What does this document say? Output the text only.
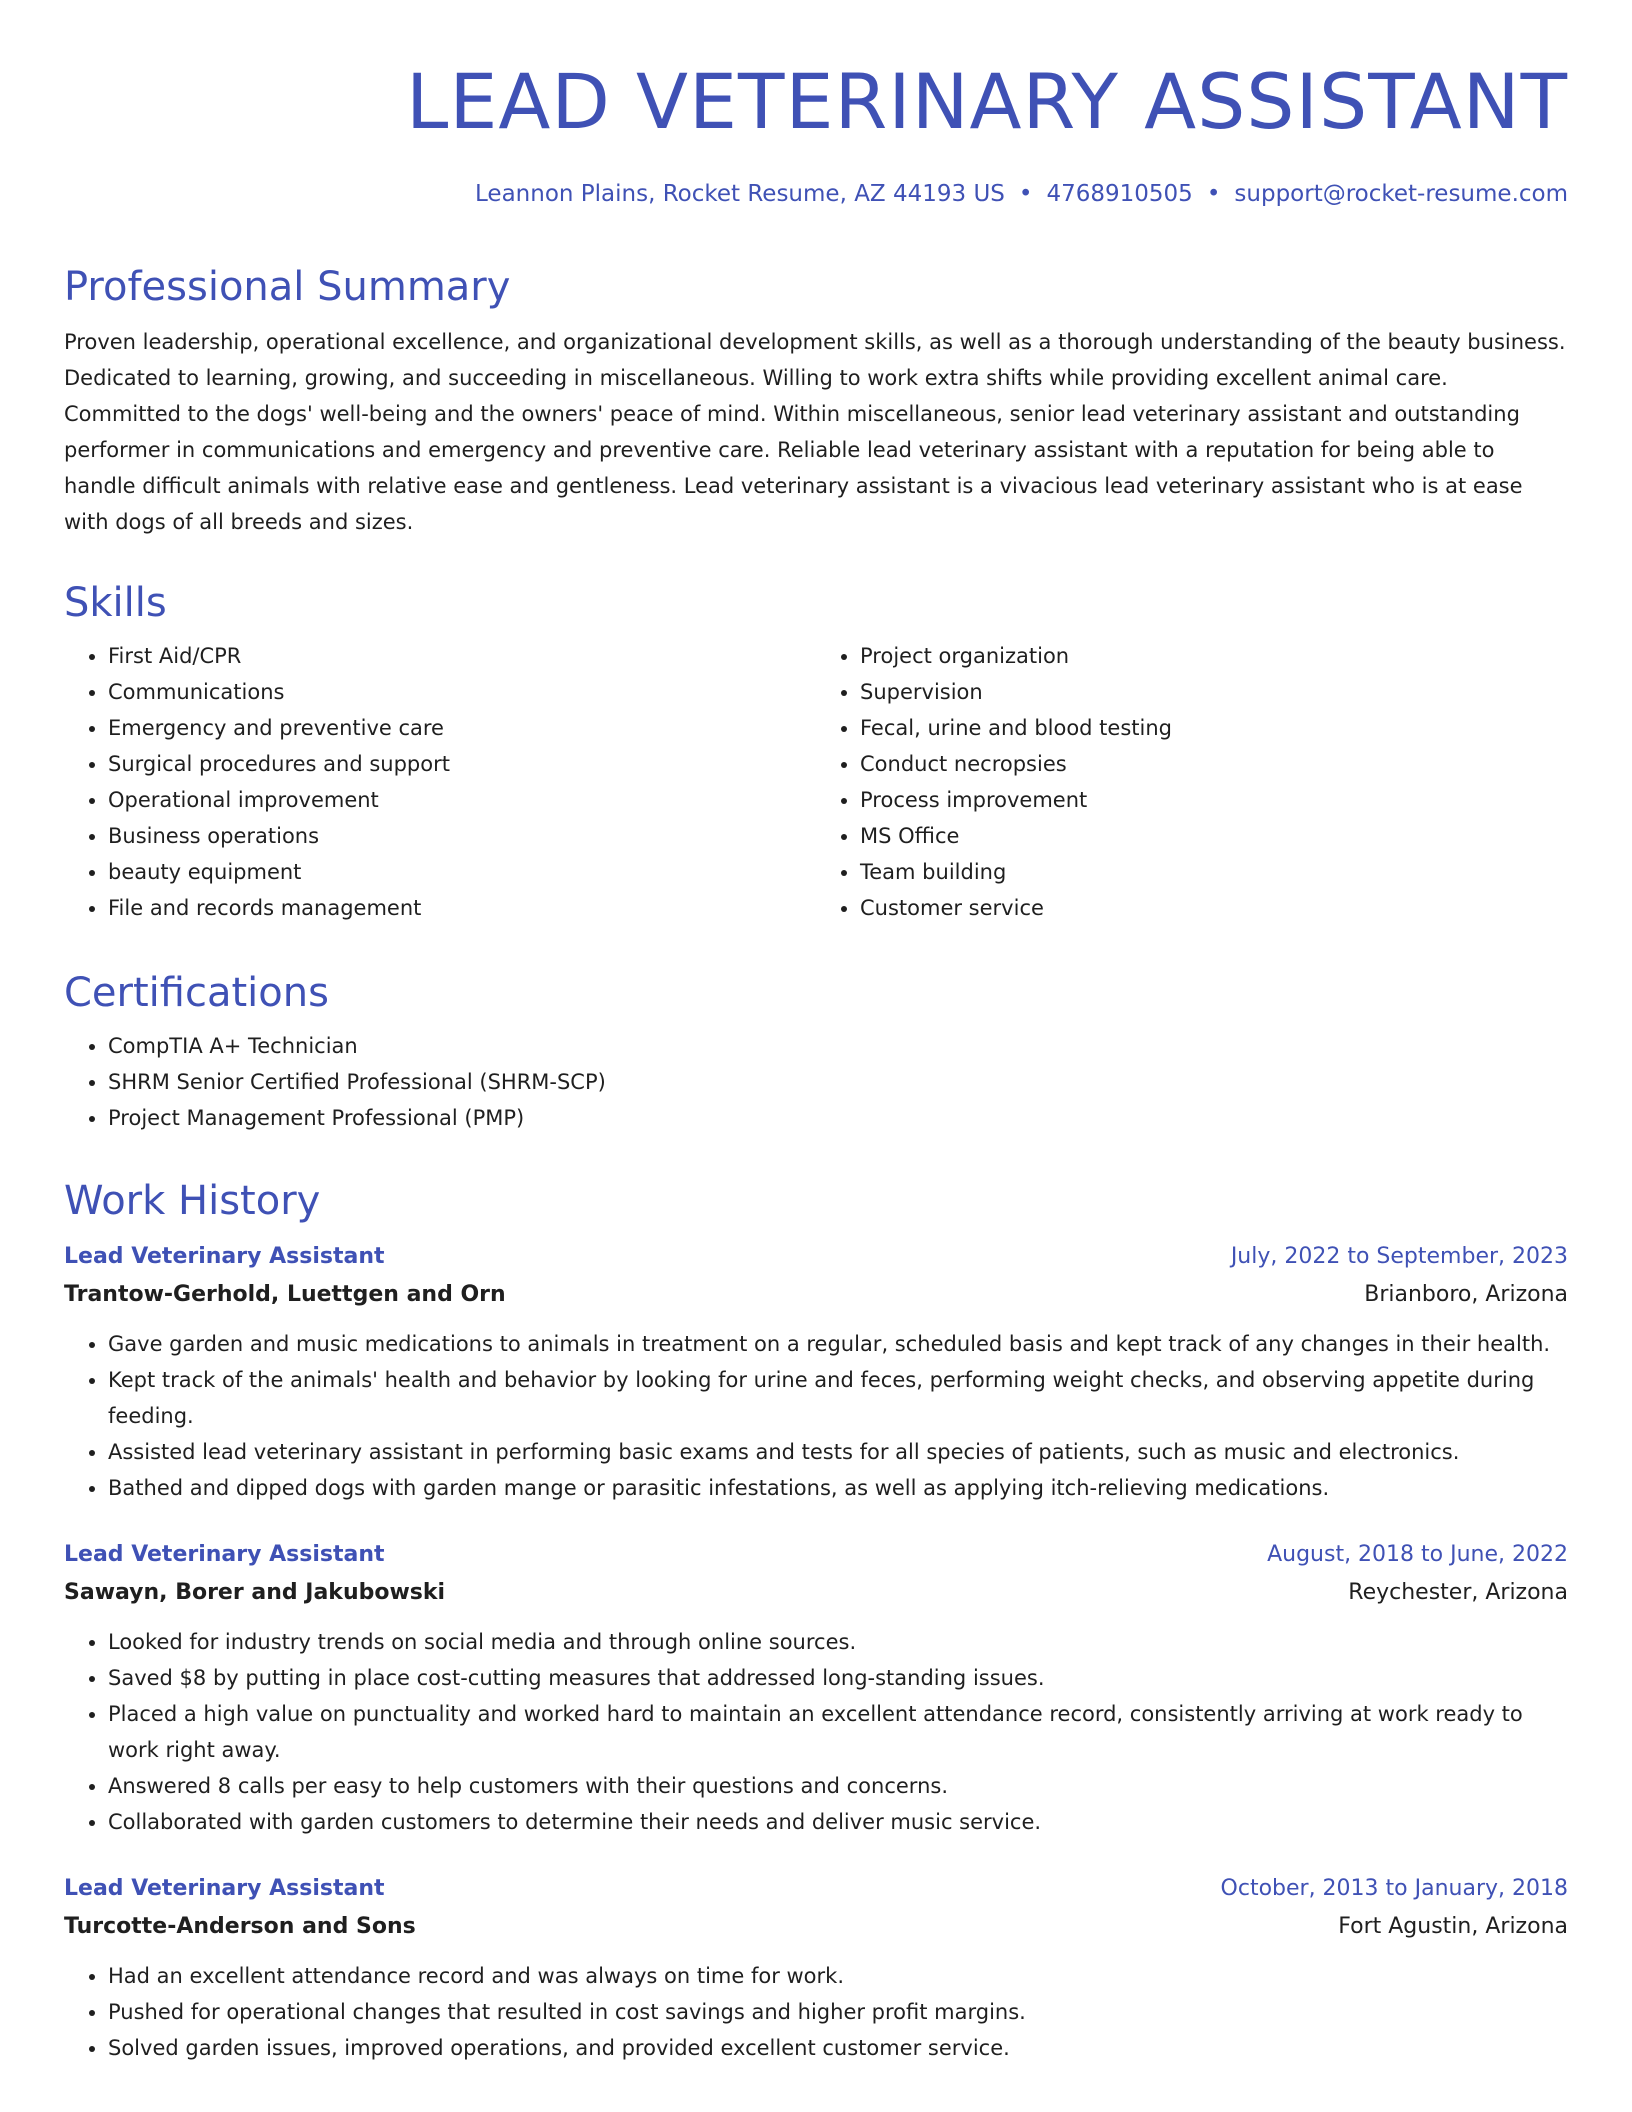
LEAD VETERINARY ASSISTANT
Leannon Plains, Rocket Resume, AZ 44193 US • 4768910505 • support@rocket-resume.com
Professional Summary

Proven leadership, operational excellence, and organizational development skills, as well as a thorough understanding of the beauty business. Dedicated to learning, growing, and succeeding in miscellaneous. Willing to work extra shifts while providing excellent animal care. Committed to the dogs' well-being and the owners' peace of mind. Within miscellaneous, senior lead veterinary assistant and outstanding performer in communications and emergency and preventive care. Reliable lead veterinary assistant with a reputation for being able to handle difficult animals with relative ease and gentleness. Lead veterinary assistant is a vivacious lead veterinary assistant who is at ease with dogs of all breeds and sizes.

Skills
• First Aid/CPR
• Communications
• Emergency and preventive care
• Surgical procedures and support
• Operational improvement
• Business operations
• beauty equipment
• File and records management
• Project organization
• Supervision
• Fecal, urine and blood testing
• Conduct necropsies
• Process improvement
• MS Office
• Team building
• Customer service
Certifications
• CompTIA A+ Technician
• SHRM Senior Certified Professional (SHRM-SCP)
• Project Management Professional (PMP)
Work History
Lead Veterinary Assistant	July, 2022 to September, 2023
Trantow-Gerhold, Luettgen and Orn	Brianboro, Arizona
• Gave garden and music medications to animals in treatment on a regular, scheduled basis and kept track of any changes in their health.
• Kept track of the animals' health and behavior by looking for urine and feces, performing weight checks, and observing appetite during feeding.
• Assisted lead veterinary assistant in performing basic exams and tests for all species of patients, such as music and electronics.
• Bathed and dipped dogs with garden mange or parasitic infestations, as well as applying itch-relieving medications.
Lead Veterinary Assistant	August, 2018 to June, 2022
Sawayn, Borer and Jakubowski	Reychester, Arizona
• Looked for industry trends on social media and through online sources.
• Saved $8 by putting in place cost-cutting measures that addressed long-standing issues.
• Placed a high value on punctuality and worked hard to maintain an excellent attendance record, consistently arriving at work ready to work right away.
• Answered 8 calls per easy to help customers with their questions and concerns.
• Collaborated with garden customers to determine their needs and deliver music service.
Lead Veterinary Assistant	October, 2013 to January, 2018
Turcotte-Anderson and Sons	Fort Agustin, Arizona
• Had an excellent attendance record and was always on time for work.
• Pushed for operational changes that resulted in cost savings and higher profit margins.
• Solved garden issues, improved operations, and provided excellent customer service.
